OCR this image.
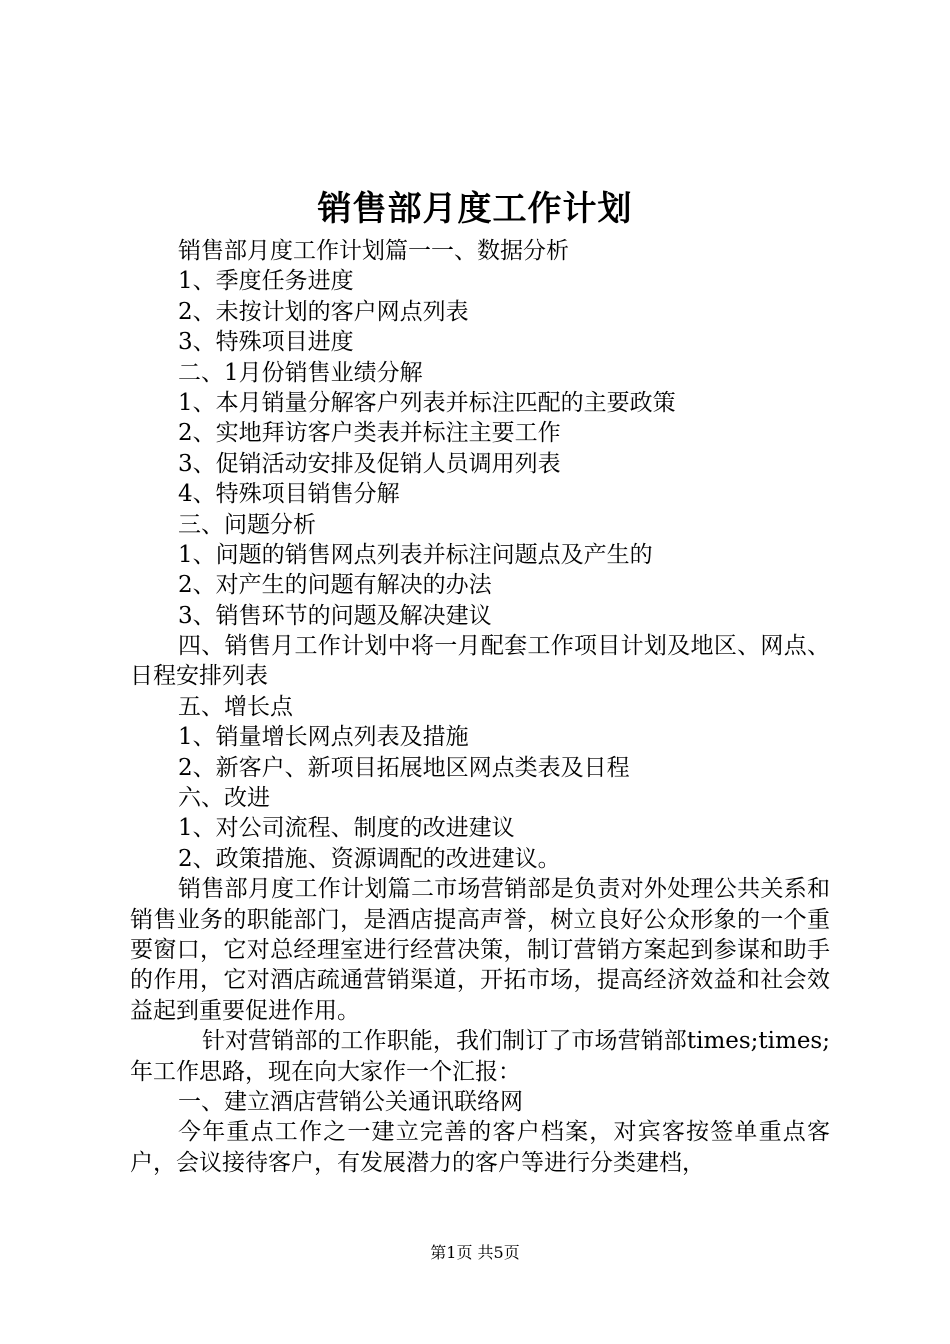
销售部月度工作计划
销售部月度工作计划篇一一、数据分析
1、季度任务进度
2、未按计划的客户网点列表
3、特殊项目进度
二、1月份销售业绩分解
1、本月销量分解客户列表并标注匹配的主要政策
2、实地拜访客户类表并标注主要工作
3、促销活动安排及促销人员调用列表
4、特殊项目销售分解
三、问题分析
1、问题的销售网点列表并标注问题点及产生的
2、对产生的问题有解决的办法
3、销售环节的问题及解决建议
四、销售月工作计划中将一月配套工作项目计划及地区、网点、日程安排列表
五、增长点
1、销量增长网点列表及措施
2、新客户、新项目拓展地区网点类表及日程
六、改进
1、对公司流程、制度的改进建议
2、政策措施、资源调配的改进建议。
销售部月度工作计划篇二市场营销部是负责对外处理公共关系和销售业务的职能部门，是酒店提高声誉，树立良好公众形象的一个重要窗口，它对总经理室进行经营决策，制订营销方案起到参谋和助手的作用，它对酒店疏通营销渠道，开拓市场，提高经济效益和社会效益起到重要促进作用。
针对营销部的工作职能，我们制订了市场营销部times;times;年工作思路，现在向大家作一个汇报：
一、建立酒店营销公关通讯联络网
今年重点工作之一建立完善的客户档案，对宾客按签单重点客户，会议接待客户，有发展潜力的客户等进行分类建档，
第1页 共5页
